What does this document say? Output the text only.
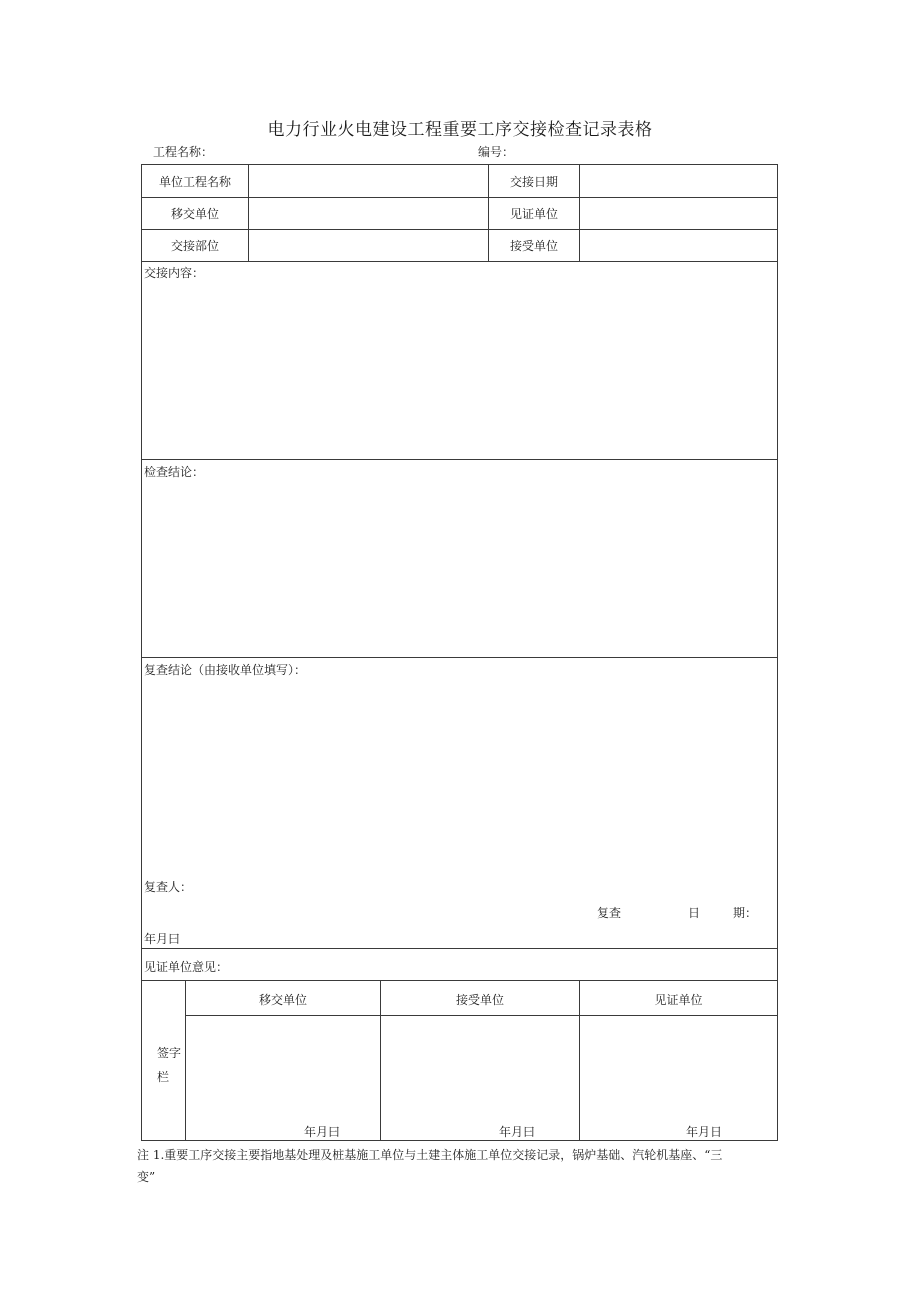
电力行业火电建设工程重要工序交接检查记录表格
工程名称：	编号：
单位工程名称	交接日期
移交单位	见证单位
交接部位	接受单位
交接内容：
检查结论：
复查结论（由接收单位填写）：
复查人：
复查	日	期：
年月曰
见证单位意见：
签字
栏
移交单位	接受单位	见证单位
年月曰	年月曰	年月日
注 1.重要工序交接主要指地基处理及桩基施工单位与土建主体施工单位交接记录，锅炉基础、汽轮机基座、“三
变”
